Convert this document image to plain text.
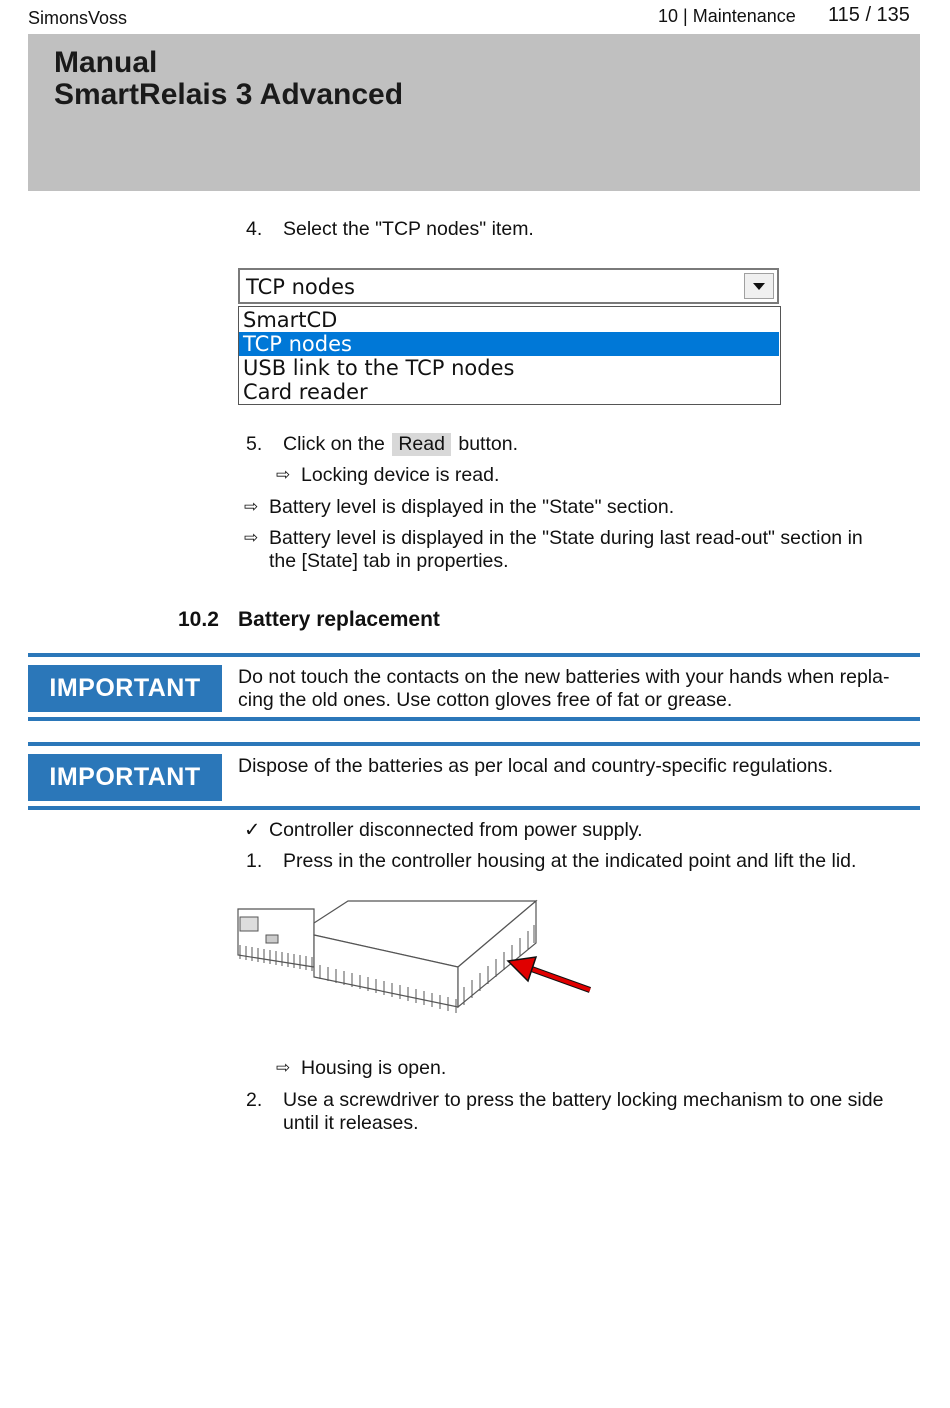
SimonsVoss	10 | Maintenance 115 / 135
Manual
SmartRelais 3 Advanced
4. Select the "TCP nodes" item.
TCP nodes
SmartCD
TCP nodes
USB link to the TCP nodes
Card reader
5. Click on the Read button.
⇨ Locking device is read.
⇨ Battery level is displayed in the "State" section.
⇨ Battery level is displayed in the "State during last read-out" section in
the [State] tab in properties.
10.2 Battery replacement
IMPORTANT	Do not touch the contacts on the new batteries with your hands when repla-
cing the old ones. Use cotton gloves free of fat or grease.
IMPORTANT	Dispose of the batteries as per local and country-specific regulations.
✓ Controller disconnected from power supply.
1. Press in the controller housing at the indicated point and lift the lid.
⇨ Housing is open.
2. Use a screwdriver to press the battery locking mechanism to one side
until it releases.
